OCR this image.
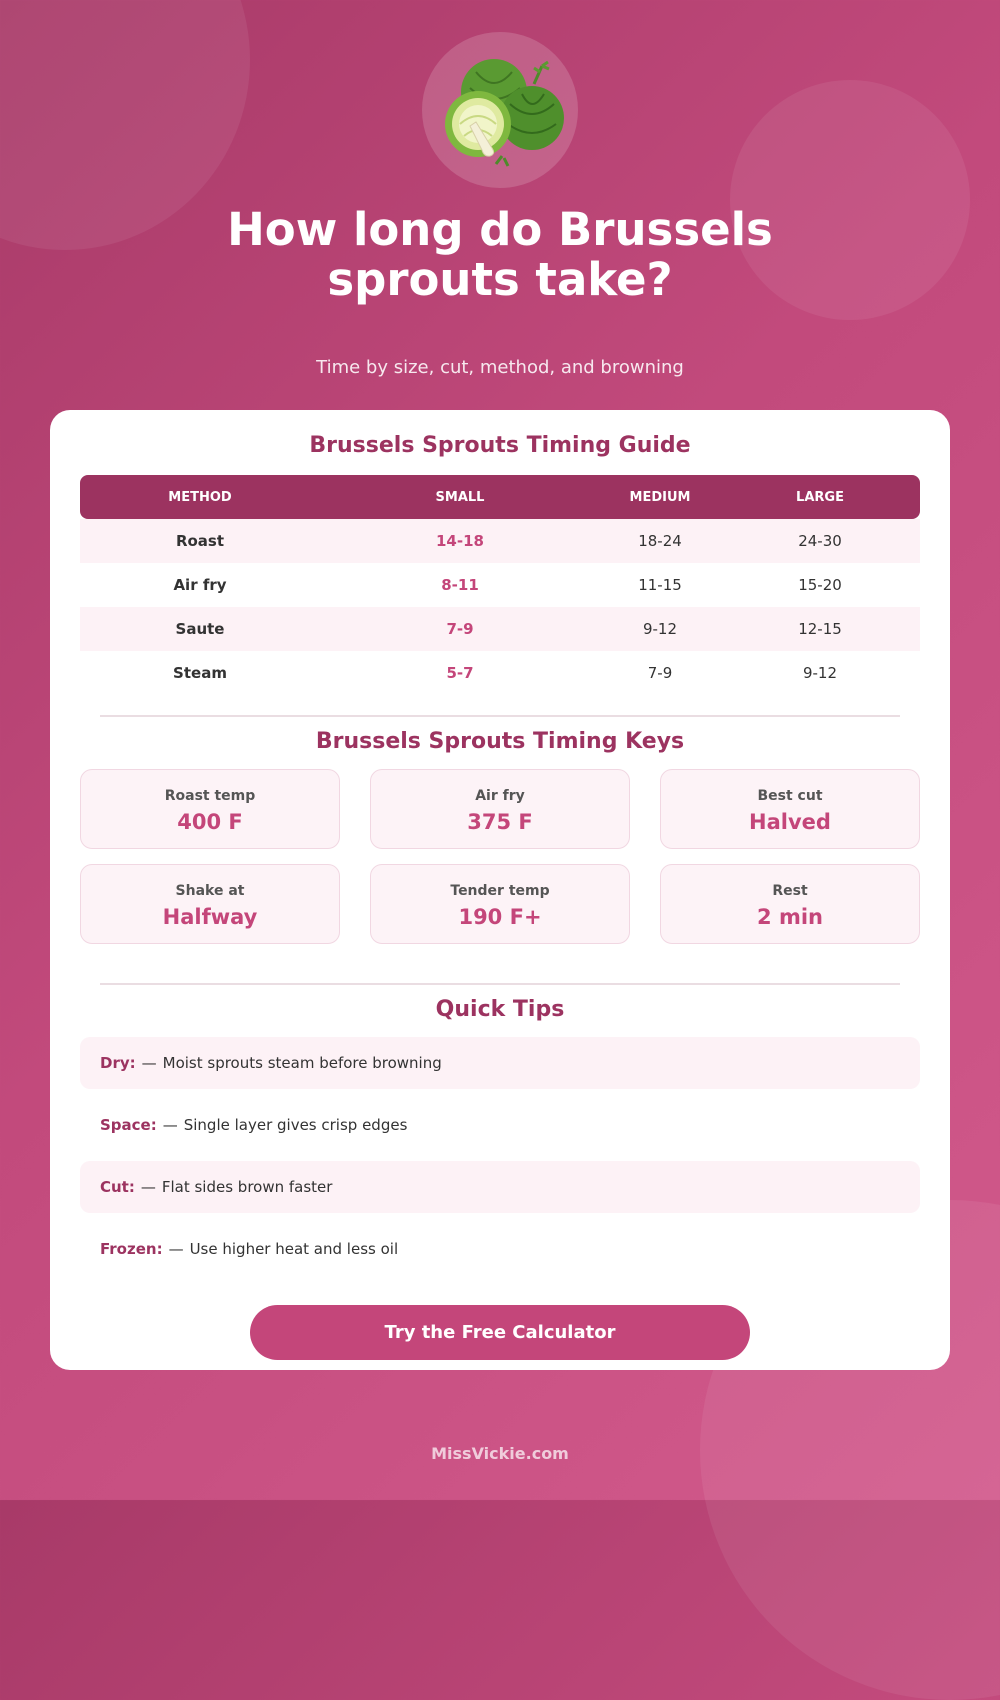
How long do Brussels sprouts take?
Time by size, cut, method, and browning
Brussels Sprouts Timing Guide
METHOD	SMALL	MEDIUM	LARGE
Roast	14-18	18-24	24-30
Air fry	8-11	11-15	15-20
Saute	7-9	9-12	12-15
Steam	5-7	7-9	9-12
Brussels Sprouts Timing Keys
Roast temp
400 F
Air fry
375 F
Best cut
Halved
Shake at
Halfway
Tender temp
190 F+
Rest
2 min
Quick Tips
Dry: — Moist sprouts steam before browning
Space: — Single layer gives crisp edges
Cut: — Flat sides brown faster
Frozen: — Use higher heat and less oil
Try the Free Calculator
MissVickie.com
